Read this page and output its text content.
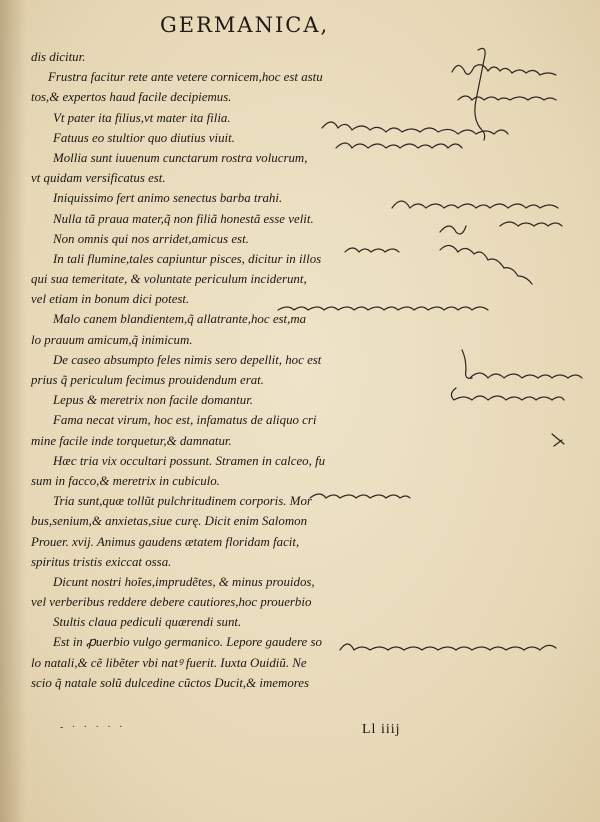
GERMANICA,
dis dicitur.
Frustra facitur rete ante vetere cornicem,hoc est astu
tos,& expertos haud facile decipiemus.
Vt pater ita filius,vt mater ita filia.
Fatuus eo stultior quo diutius viuit.
Mollia sunt iuuenum cunctarum rostra volucrum,
vt quidam versificatus est.
Iniquissimo fert animo senectus barba trahi.
Nulla tã praua mater,q̃ non filiã honestã esse velit.
Non omnis qui nos arridet,amicus est.
In tali flumine,tales capiuntur pisces, dicitur in illos
qui sua temeritate, & voluntate periculum inciderunt,
vel etiam in bonum dici potest.
Malo canem blandientem,q̃ allatrante,hoc est,ma
lo prauum amicum,q̃ inimicum.
De caseo absumpto feles nimis sero depellit, hoc est
prius q̃ periculum fecimus prouidendum erat.
Lepus & meretrix non facile domantur.
Fama necat virum, hoc est, infamatus de aliquo cri
mine facile inde torquetur,& damnatur.
Hæc tria vix occultari possunt. Stramen in calceo, fu
sum in facco,& meretrix in cubiculo.
Tria sunt,quæ tollũt pulchritudinem corporis. Mor
bus,senium,& anxietas,siue curę. Dicit enim Salomon
Prouer. xvij. Animus gaudens ætatem floridam facit,
spiritus tristis exiccat ossa.
Dicunt nostri hoĩes,imprudẽtes, & minus prouidos,
vel verberibus reddere debere cautiores,hoc prouerbio
Stultis claua pediculi quærendi sunt.
Est in ꝓuerbio vulgo germanico. Lepore gaudere so
lo natali,& cẽ libẽter vbi natꝰ fuerit. Iuxta Ouidiũ. Ne
scio q̃ natale solũ dulcedine cũctos Ducit,& imemores
- · · · · ·	Ll iiij
